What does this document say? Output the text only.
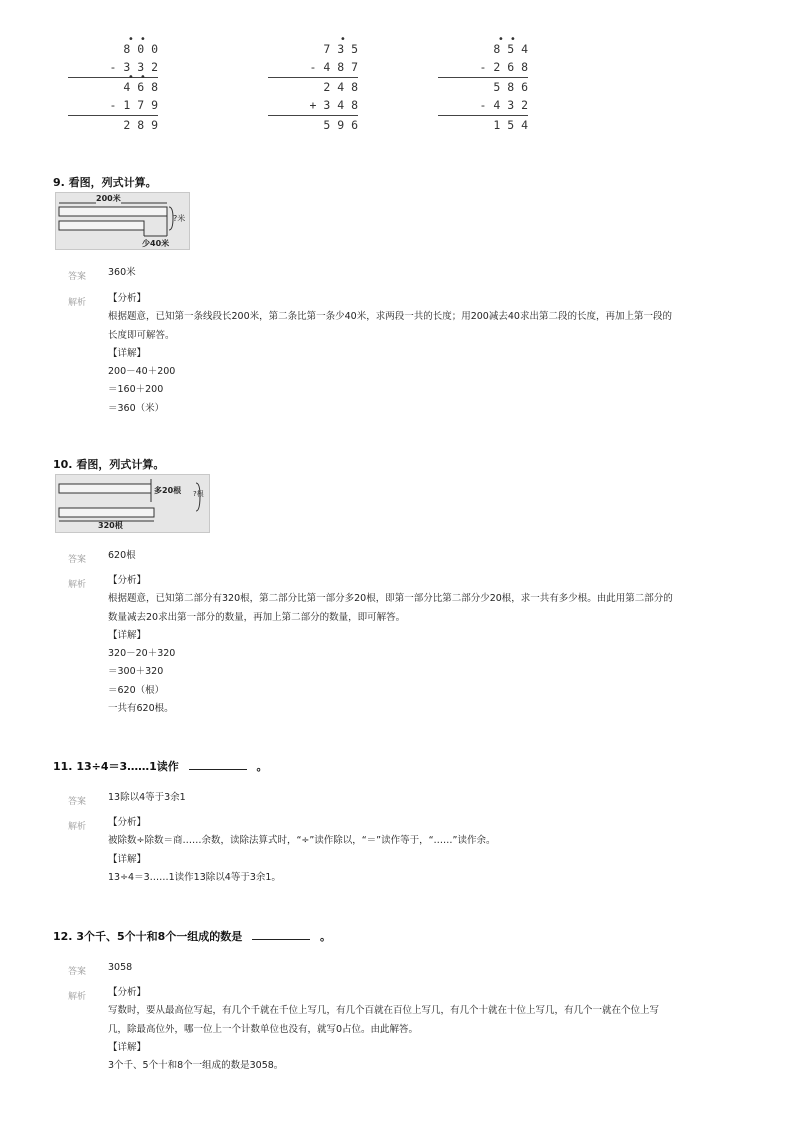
• •
8 0 0
- 3 3 2
• •
4 6 8
- 1 7 9
2 8 9
•
7 3 5
- 4 8 7
2 4 8
+ 3 4 8
5 9 6
• •
8 5 4
- 2 6 8
5 8 6
- 4 3 2
1 5 4
9. 看图，列式计算。
200米
?米
少40米
答案 360米
解析 【分析】
根据题意，已知第一条线段长200米，第二条比第一条少40米，求两段一共的长度；用200减去40求出第二段的长度，再加上第一段的
长度即可解答。
【详解】
200－40＋200
＝160＋200
＝360（米）
10. 看图，列式计算。
多20根 ?根
320根
答案 620根
解析 【分析】
根据题意，已知第二部分有320根，第二部分比第一部分多20根，即第一部分比第二部分少20根，求一共有多少根。由此用第二部分的
数量减去20求出第一部分的数量，再加上第二部分的数量，即可解答。
【详解】
320－20＋320
＝300＋320
＝620（根）
一共有620根。
11. 13÷4＝3……1读作	。
答案 13除以4等于3余1
解析 【分析】
被除数÷除数＝商……余数，读除法算式时，“÷”读作除以，“＝”读作等于，“……”读作余。
【详解】
13÷4＝3……1读作13除以4等于3余1。
12. 3个千、5个十和8个一组成的数是	。
答案 3058
解析 【分析】
写数时，要从最高位写起，有几个千就在千位上写几，有几个百就在百位上写几，有几个十就在十位上写几，有几个一就在个位上写
几，除最高位外，哪一位上一个计数单位也没有，就写0占位。由此解答。
【详解】
3个千、5个十和8个一组成的数是3058。
